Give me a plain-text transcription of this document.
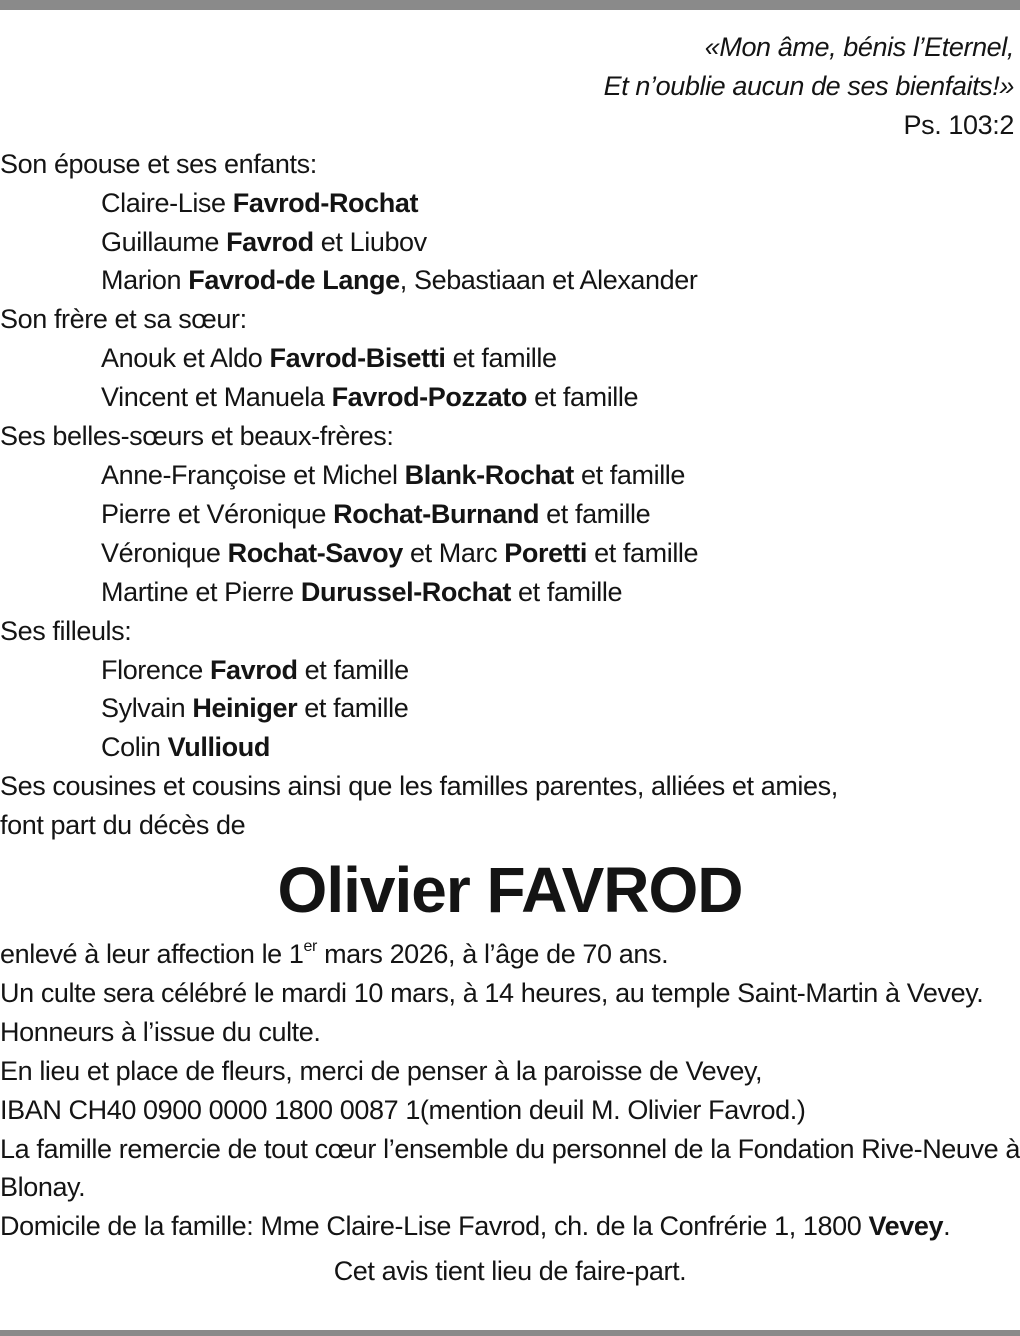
«Mon âme, bénis l’Eternel,
Et n’oublie aucun de ses bienfaits!»
Ps. 103:2
Son épouse et ses enfants:
Claire-Lise Favrod-Rochat
Guillaume Favrod et Liubov
Marion Favrod-de Lange, Sebastiaan et Alexander
Son frère et sa sœur:
Anouk et Aldo Favrod-Bisetti et famille
Vincent et Manuela Favrod-Pozzato et famille
Ses belles-sœurs et beaux-frères:
Anne-Françoise et Michel Blank-Rochat et famille
Pierre et Véronique Rochat-Burnand et famille
Véronique Rochat-Savoy et Marc Poretti et famille
Martine et Pierre Durussel-Rochat et famille
Ses filleuls:
Florence Favrod et famille
Sylvain Heiniger et famille
Colin Vullioud
Ses cousines et cousins ainsi que les familles parentes, alliées et amies,
font part du décès de
Olivier FAVROD
enlevé à leur affection le 1er mars 2026, à l’âge de 70 ans.
Un culte sera célébré le mardi 10 mars, à 14 heures, au temple Saint-Martin à Vevey.
Honneurs à l’issue du culte.
En lieu et place de fleurs, merci de penser à la paroisse de Vevey,
IBAN CH40 0900 0000 1800 0087 1(mention deuil M. Olivier Favrod.)
La famille remercie de tout cœur l’ensemble du personnel de la Fondation Rive-Neuve à Blonay.
Domicile de la famille: Mme Claire-Lise Favrod, ch. de la Confrérie 1, 1800 Vevey.
Cet avis tient lieu de faire-part.
